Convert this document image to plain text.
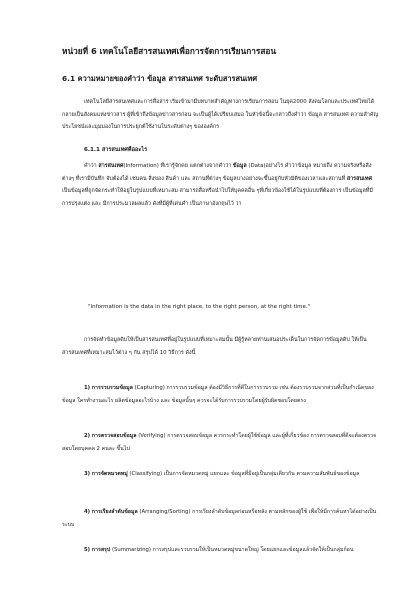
หน่วยที่ 6 เทคโนโลยีสารสนเทศเพื่อการจัดการเรียนการสอน
6.1 ความหมายของคำว่า ข้อมูล สารสนเทศ ระดับสารสนเทศ
เทคโนโลยีสารสนเทศและการสื่อสาร เริ่มเข้ามามีบทบาทสำคัญทางการเรียนการสอน ในยุค2000 สังคมโลกและประเทศไทยได้กลายเป็นสังคมแห่งข่าวสาร ผู้ที่เข้าถึงข้อมูลข่าวสารก่อน จะเป็นผู้ได้เปรียบเสมอ ในหัวข้อนี้จะกล่าวถึงคำว่า ข้อมูล สารสนเทศ ความสำคัญ ประโยชน์และมุมมองในการประยุกต์ใช้งานในระดับต่างๆ ขององค์กร
6.1.1 สารสนเทศคืออะไร
คำว่า สารสนเทศ(Information) ที่เรารู้จักคย แตกต่างจากคำว่า ข้อมูล (Data)อย่างไร คำว่าข้อมูล หมายถึง ความจริงหรือสิ่งต่างๆ ที่เรามีบันทึก จับต้องได้ เช่นคน สิ่งของ สินค้า และ สถานที่ต่างๆ ข้อมูลบางอย่างจะขึ้นอยู่กับหัวมิติของเวลาและสถานที่ สารสนเทศเป็นข้อมูลที่ถูกจัดกระทำให้อยู่ในรูปแบบที่เหมาะสม สามารถสื่อหรือนำไปให้บุคคลอื่น ๆที่เกี่ยวข้องใช้ได้ในรูปแบบที่ต้องการ เป็นข้อมูลที่มีการปรุงแต่ง และ มีการประมวลผลแล้ว ดังที่มีผู้ที่เด่นคำ เป็นภาษาอังกฤษไว้ ว่า
"Information is the data in the right place, to the right person, at the right time."
การจัดทำข้อมูลดิบให้เป็นสารสนเทศที่อยู่ในรูปแบบที่เหมาะสมนั้น มีผู้รู้หลายท่านเสนอประเด็นในการจัดการข้อมูลดิบ ให้เป็นสารสนเทศที่เหมาะสมไว้ต่าง ๆ กัน สรุปได้ 10 วิธีการ ดังนี้
1) การรวบรวมข้อมูล (Capturing) การรวบรวมข้อมูล ต้องมีวิธีการที่ดีในการรวบรวม เช่น ต้องรวบรวมจากส่วนที่เป็นกำเนิดของข้อมูล ใครทำงานอะไร ผลิตข้อมูลอะไรบ้าง และ ข้อมูลนั้นๆ ควรจะได้รับการรวบรวมโดยผู้รับผิดชอบโดยตรง
2) การตรวจสอบข้อมูล (Verifying) การตรวจสอบข้อมูล ควรกระทำโดยผู้ใช้ข้อมูล และผู้ที่เกี่ยวข้อง การตรวจสอบที่ดีจะต้องตรวจสอบโดยบุคคล 2 คนละ ขึ้นไป
3) การจัดหมวดหมู่ (Classifying) เป็นการจัดหมวดหมู่ แยกและ ข้อมูลที่มีอยู่เป็นกลุ่มเดียวกัน ตามความสัมพันธ์ของข้อมูล
4) การเรียงลำดับข้อมูล (Arranging/Sorting) การเรียงลำดับข้อมูลก่อนหรือหลัง ตามหลักของผู้ใช้ เพื่อให้มีการค้นหาได้อย่างเป็นระบบ
5) การสรุป (Summarizing) การสรุปและรวบรวมให้เป็นหมวดหมู่ขนาดใหญ่ โดยแยกและข้อมูลแล้วจัดให้เป็นกลุ่มก้อน
